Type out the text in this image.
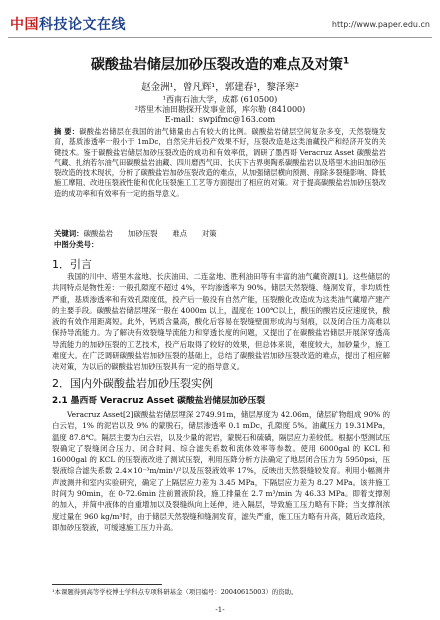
中国科技论文在线	http://www.paper.edu.cn
碳酸盐岩储层加砂压裂改造的难点及对策$^1$
赵金洲¹，曾凡辉¹，郭建春¹，黎泽寒²
¹西南石油大学，成都 (610500)
²塔里木油田勘探开发事业部，库尔勒 (841000)
E-mail：swpifmc@163.com
摘 要：碳酸盐岩储层在我国的油气储量由占有较大的比例。碳酸盐岩储层空间复杂多变，天然裂缝发育，基质渗透率一般小于 1mDc，自然完井后投产效果不好，压裂改造是这类油藏投产和经济开发的关键技术。鉴于碳酸盐岩储层加砂压裂改造的成功和有效率低，调研了墨西哥 Veracruz Asset 碳酸盐岩气藏、扎纳若尔油气田碳酸盐岩油藏、四川磨西气田、长庆下古界奥陶系碳酸盐岩以及塔里木油田加砂压裂改造的技术现状，分析了碳酸盐岩加砂压裂改造的难点，从加强储层横向预测、削除多裂缝影响、降低施工摩阻、改进压裂液性能和优化压裂施工工艺等方面提出了相应的对策。对于提高碳酸盐岩加砂压裂改造的成功率和有效率有一定的指导意义。
关键词：碳酸盐岩　　加砂压裂　　难点　　对策
中图分类号：
1．引言
我国的川中、塔里木盆地、长庆油田、二连盆地、胜利油田等有丰富的油气藏资源[1]。这些储层的共同特点是物性差：一般孔隙度不超过 4%，平均渗透率为 90%。储层天然裂缝、缝洞发育，非均质性严重，基质渗透率和有效孔隙度低，投产后一般没有自然产能，压裂酸化改造成为这类油气藏增产建产的主要手段。碳酸盐岩储层埋深一般在 4000m 以上，温度在 100℃以上，酸压的酸岩反应速度快，酸液的有效作用距离短。此外，钙质含量高，酸化后容易在裂缝壁面形成沟与刻痕，以及闭合压力高难以保持导流能力。为了解决有效裂缝导流能力和穿透长度的问题，又提出了在碳酸盐岩储层开展深穿透高导流能力的加砂压裂的工艺技术，投产后取得了较好的效果，但总体来说，难度较大，加砂量少，施工难度大。在广泛调研碳酸盐岩加砂压裂的基础上，总结了碳酸盐岩加砂压裂改造的难点，提出了相应解决对策，为以后的碳酸盐岩加砂压裂具有一定的指导意义。
2．国内外碳酸盐岩加砂压裂实例
2.1 墨西哥 Veracruz Asset 碳酸盐岩储层加砂压裂
Veracruz Asset[2]碳酸盐岩储层埋深 2749.91m，储层厚度为 42.06m，储层矿物组成 90% 的白云岩，1% 的泥岩以及 9% 的蒙脱石，储层渗透率 0.1 mDc，孔隙度 5%。油藏压力 19.31MPa，温度 87.8℃。隔层主要为白云岩，以及少量的泥岩，蒙脱石和硫磺，隔层应力差较低。根据小型测试压裂确定了裂缝闭合压力、闭合时间、综合滤失系数和流体效率等参数。使用 6000gal 的 KCL 和 16000gal 的 KCL 的压裂液改进了测试压裂，利用压降分析方法确定了地层闭合压力为 5950psi，压裂液综合滤失系数 2.4×10⁻³m/min¹/²以及压裂液效率 17%，反映出天然裂缝较发育。利用小幅测井声波测井和室内实验研究，确定了上隔层应力差为 3.45 MPa，下隔层应力差为 8.27 MPa。该井施工时间为 90min，在 0-72.6min 注前置液阶段，施工排量在 2.7 m³/min 为 46.33 MPa。即着支撑剂的加入，并简中液体的自重增加以及裂缝纵向上延伸，进入隔层，导致施工压力略有下降；当支撑剂浓度过量在 960 kg/m³时，由于储层天然裂缝和缝洞发育，滤失严重，施工压力略有升高，随后改造段，即加砂压裂液，可缓速施工压力升高。
¹本课题得到高等学校博士学科点专项科研基金（项目编号：20040615003）的资助。
-1-
